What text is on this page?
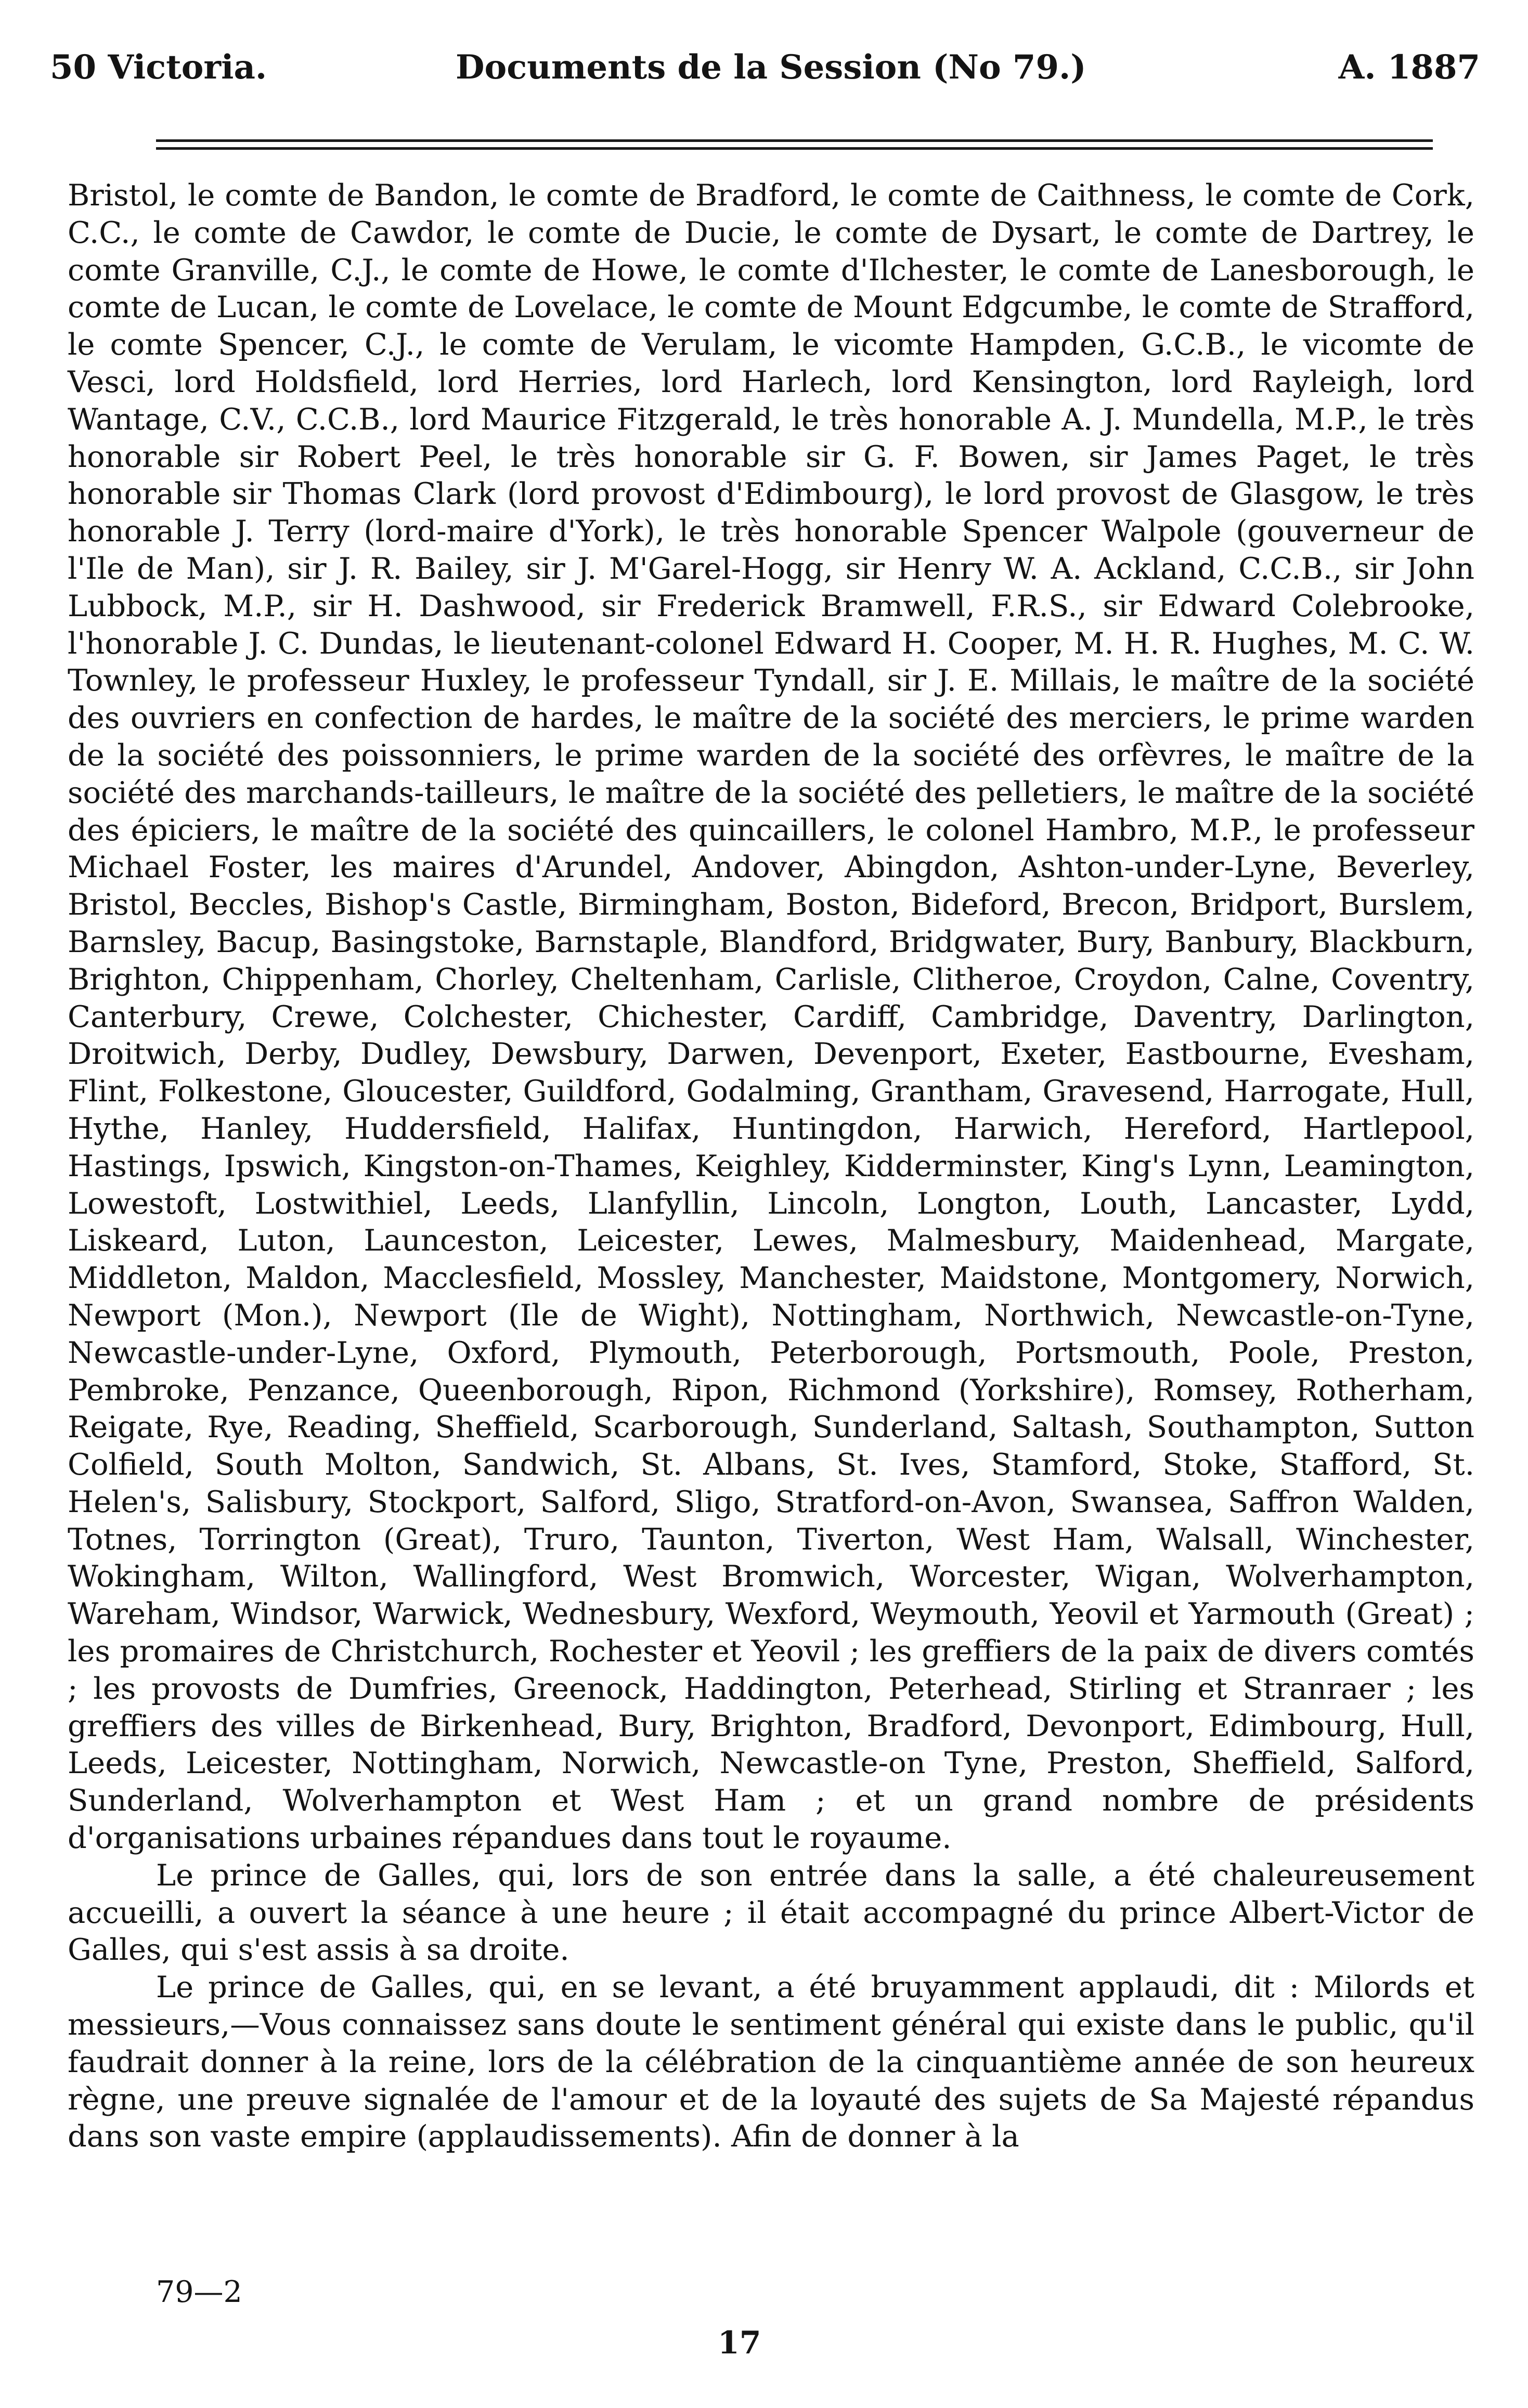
50 Victoria.	Documents de la Session (No 79.)	A. 1887

Bristol, le comte de Bandon, le comte de Bradford, le comte de Caithness, le comte de Cork, C.C., le comte de Cawdor, le comte de Ducie, le comte de Dysart, le comte de Dartrey, le comte Granville, C.J., le comte de Howe, le comte d'Ilchester, le comte de Lanesborough, le comte de Lucan, le comte de Lovelace, le comte de Mount Edgcumbe, le comte de Strafford, le comte Spencer, C.J., le comte de Verulam, le vicomte Hampden, G.C.B., le vicomte de Vesci, lord Holdsfield, lord Herries, lord Harlech, lord Kensington, lord Rayleigh, lord Wantage, C.V., C.C.B., lord Maurice Fitzgerald, le très honorable A. J. Mundella, M.P., le très honorable sir Robert Peel, le très honorable sir G. F. Bowen, sir James Paget, le très honorable sir Thomas Clark (lord provost d'Edimbourg), le lord provost de Glasgow, le très honorable J. Terry (lord-maire d'York), le très honorable Spencer Walpole (gouverneur de l'Ile de Man), sir J. R. Bailey, sir J. M'Garel-Hogg, sir Henry W. A. Ackland, C.C.B., sir John Lubbock, M.P., sir H. Dashwood, sir Frederick Bramwell, F.R.S., sir Edward Colebrooke, l'honorable J. C. Dundas, le lieutenant-colonel Edward H. Cooper, M. H. R. Hughes, M. C. W. Townley, le professeur Huxley, le professeur Tyndall, sir J. E. Millais, le maître de la société des ouvriers en confection de hardes, le maître de la société des merciers, le prime warden de la société des poissonniers, le prime warden de la société des orfèvres, le maître de la société des marchands-tailleurs, le maître de la société des pelletiers, le maître de la société des épiciers, le maître de la société des quincaillers, le colonel Hambro, M.P., le professeur Michael Foster, les maires d'Arundel, Andover, Abingdon, Ashton-under-Lyne, Beverley, Bristol, Beccles, Bishop's Castle, Birmingham, Boston, Bideford, Brecon, Bridport, Burslem, Barnsley, Bacup, Basingstoke, Barnstaple, Blandford, Bridgwater, Bury, Banbury, Blackburn, Brighton, Chippenham, Chorley, Cheltenham, Carlisle, Clitheroe, Croydon, Calne, Coventry, Canterbury, Crewe, Colchester, Chichester, Cardiff, Cambridge, Daventry, Darlington, Droitwich, Derby, Dudley, Dewsbury, Darwen, Devenport, Exeter, Eastbourne, Evesham, Flint, Folkestone, Gloucester, Guildford, Godalming, Grantham, Gravesend, Harrogate, Hull, Hythe, Hanley, Huddersfield, Halifax, Huntingdon, Harwich, Hereford, Hartlepool, Hastings, Ipswich, Kingston-on-Thames, Keighley, Kidderminster, King's Lynn, Leamington, Lowestoft, Lostwithiel, Leeds, Llanfyllin, Lincoln, Longton, Louth, Lancaster, Lydd, Liskeard, Luton, Launceston, Leicester, Lewes, Malmesbury, Maidenhead, Margate, Middleton, Maldon, Macclesfield, Mossley, Manchester, Maidstone, Montgomery, Norwich, Newport (Mon.), Newport (Ile de Wight), Nottingham, Northwich, Newcastle-on-Tyne, Newcastle-under-Lyne, Oxford, Plymouth, Peterborough, Portsmouth, Poole, Preston, Pembroke, Penzance, Queenborough, Ripon, Richmond (Yorkshire), Romsey, Rotherham, Reigate, Rye, Reading, Sheffield, Scarborough, Sunderland, Saltash, Southampton, Sutton Colfield, South Molton, Sandwich, St. Albans, St. Ives, Stamford, Stoke, Stafford, St. Helen's, Salisbury, Stockport, Salford, Sligo, Stratford-on-Avon, Swansea, Saffron Walden, Totnes, Torrington (Great), Truro, Taunton, Tiverton, West Ham, Walsall, Winchester, Wokingham, Wilton, Wallingford, West Bromwich, Worcester, Wigan, Wolverhampton, Wareham, Windsor, Warwick, Wednesbury, Wexford, Weymouth, Yeovil et Yarmouth (Great) ; les promaires de Christchurch, Rochester et Yeovil ; les greffiers de la paix de divers comtés ; les provosts de Dumfries, Greenock, Haddington, Peterhead, Stirling et Stranraer ; les greffiers des villes de Birkenhead, Bury, Brighton, Bradford, Devonport, Edimbourg, Hull, Leeds, Leicester, Nottingham, Norwich, Newcastle-on Tyne, Preston, Sheffield, Salford, Sunderland, Wolverhampton et West Ham ; et un grand nombre de présidents d'organisations urbaines répandues dans tout le royaume.

Le prince de Galles, qui, lors de son entrée dans la salle, a été chaleureusement accueilli, a ouvert la séance à une heure ; il était accompagné du prince Albert-Victor de Galles, qui s'est assis à sa droite.

Le prince de Galles, qui, en se levant, a été bruyamment applaudi, dit : Milords et messieurs,—Vous connaissez sans doute le sentiment général qui existe dans le public, qu'il faudrait donner à la reine, lors de la célébration de la cinquantième année de son heureux règne, une preuve signalée de l'amour et de la loyauté des sujets de Sa Majesté répandus dans son vaste empire (applaudissements). Afin de donner à la

79—2
17
